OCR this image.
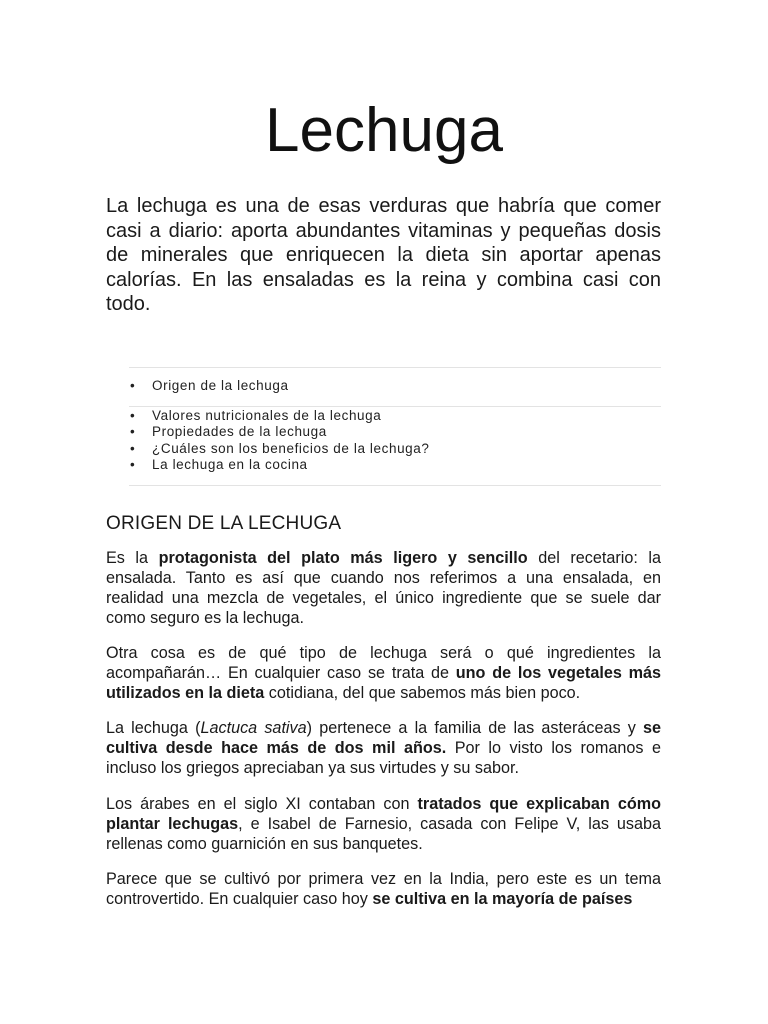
Lechuga

La lechuga es una de esas verduras que habría que comer casi a diario: aporta abundantes vitaminas y pequeñas dosis de minerales que enriquecen la dieta sin aportar apenas calorías. En las ensaladas es la reina y combina casi con todo.

• Origen de la lechuga
• Valores nutricionales de la lechuga
• Propiedades de la lechuga
• ¿Cuáles son los beneficios de la lechuga?
• La lechuga en la cocina
ORIGEN DE LA LECHUGA

Es la protagonista del plato más ligero y sencillo del recetario: la ensalada. Tanto es así que cuando nos referimos a una ensalada, en realidad una mezcla de vegetales, el único ingrediente que se suele dar como seguro es la lechuga.

Otra cosa es de qué tipo de lechuga será o qué ingredientes la acompañarán… En cualquier caso se trata de uno de los vegetales más utilizados en la dieta cotidiana, del que sabemos más bien poco.

La lechuga (Lactuca sativa) pertenece a la familia de las asteráceas y se cultiva desde hace más de dos mil años. Por lo visto los romanos e incluso los griegos apreciaban ya sus virtudes y su sabor.

Los árabes en el siglo XI contaban con tratados que explicaban cómo plantar lechugas, e Isabel de Farnesio, casada con Felipe V, las usaba rellenas como guarnición en sus banquetes.

Parece que se cultivó por primera vez en la India, pero este es un tema controvertido. En cualquier caso hoy se cultiva en la mayoría de países
